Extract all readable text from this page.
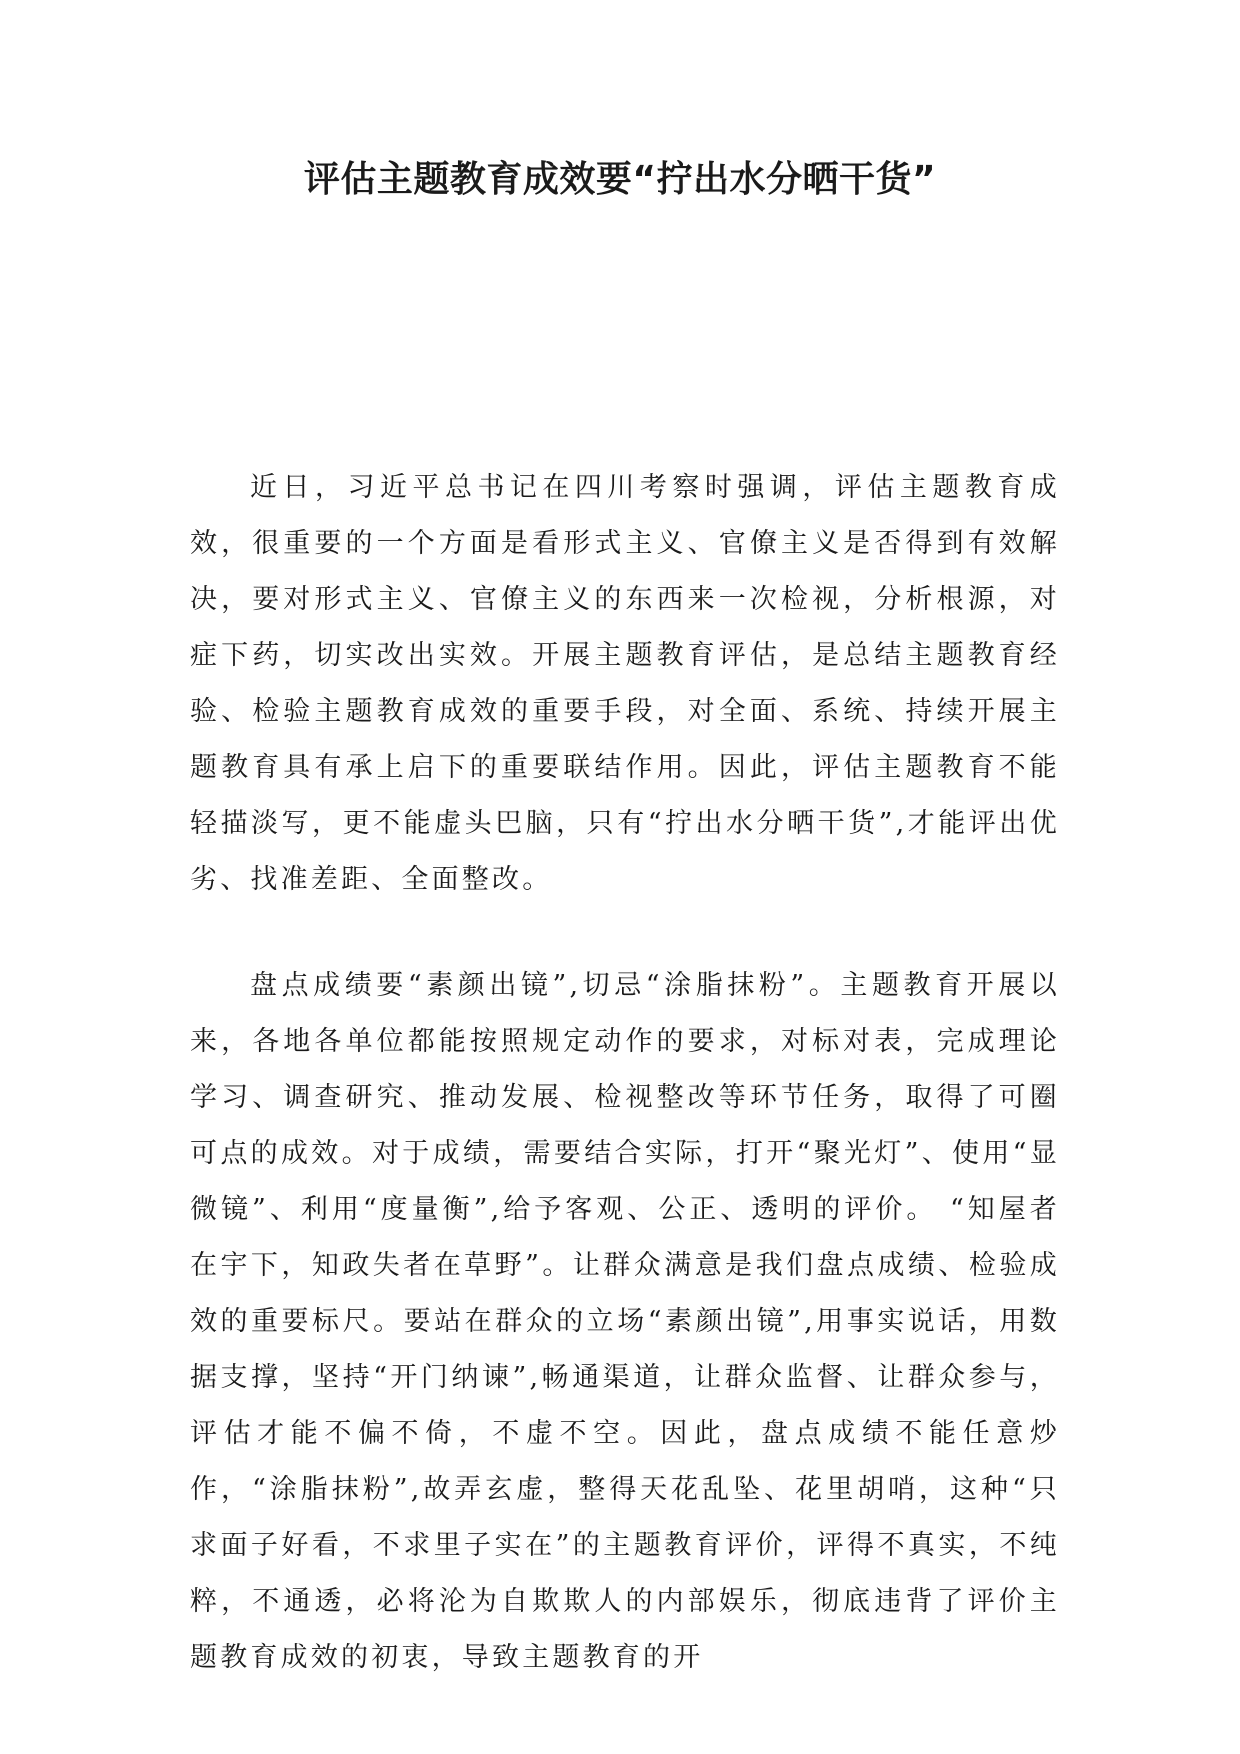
评估主题教育成效要“拧出水分晒干货”

近日，习近平总书记在四川考察时强调，评估主题教育成效，很重要的一个方面是看形式主义、官僚主义是否得到有效解决，要对形式主义、官僚主义的东西来一次检视，分析根源，对症下药，切实改出实效。开展主题教育评估，是总结主题教育经验、检验主题教育成效的重要手段，对全面、系统、持续开展主题教育具有承上启下的重要联结作用。因此，评估主题教育不能轻描淡写，更不能虚头巴脑，只有“拧出水分晒干货”,才能评出优劣、找准差距、全面整改。

盘点成绩要“素颜出镜”,切忌“涂脂抹粉”。主题教育开展以来，各地各单位都能按照规定动作的要求，对标对表，完成理论学习、调查研究、推动发展、检视整改等环节任务，取得了可圈可点的成效。对于成绩，需要结合实际，打开“聚光灯”、使用“显微镜”、利用“度量衡”,给予客观、公正、透明的评价。 “知屋者在宇下，知政失者在草野”。让群众满意是我们盘点成绩、检验成效的重要标尺。要站在群众的立场“素颜出镜”,用事实说话，用数据支撑，坚持“开门纳谏”,畅通渠道，让群众监督、让群众参与，评估才能不偏不倚，不虚不空。因此，盘点成绩不能任意炒作，“涂脂抹粉”,故弄玄虚，整得天花乱坠、花里胡哨，这种“只求面子好看，不求里子实在”的主题教育评价，评得不真实，不纯粹，不通透，必将沦为自欺欺人的内部娱乐，彻底违背了评价主题教育成效的初衷，导致主题教育的开
